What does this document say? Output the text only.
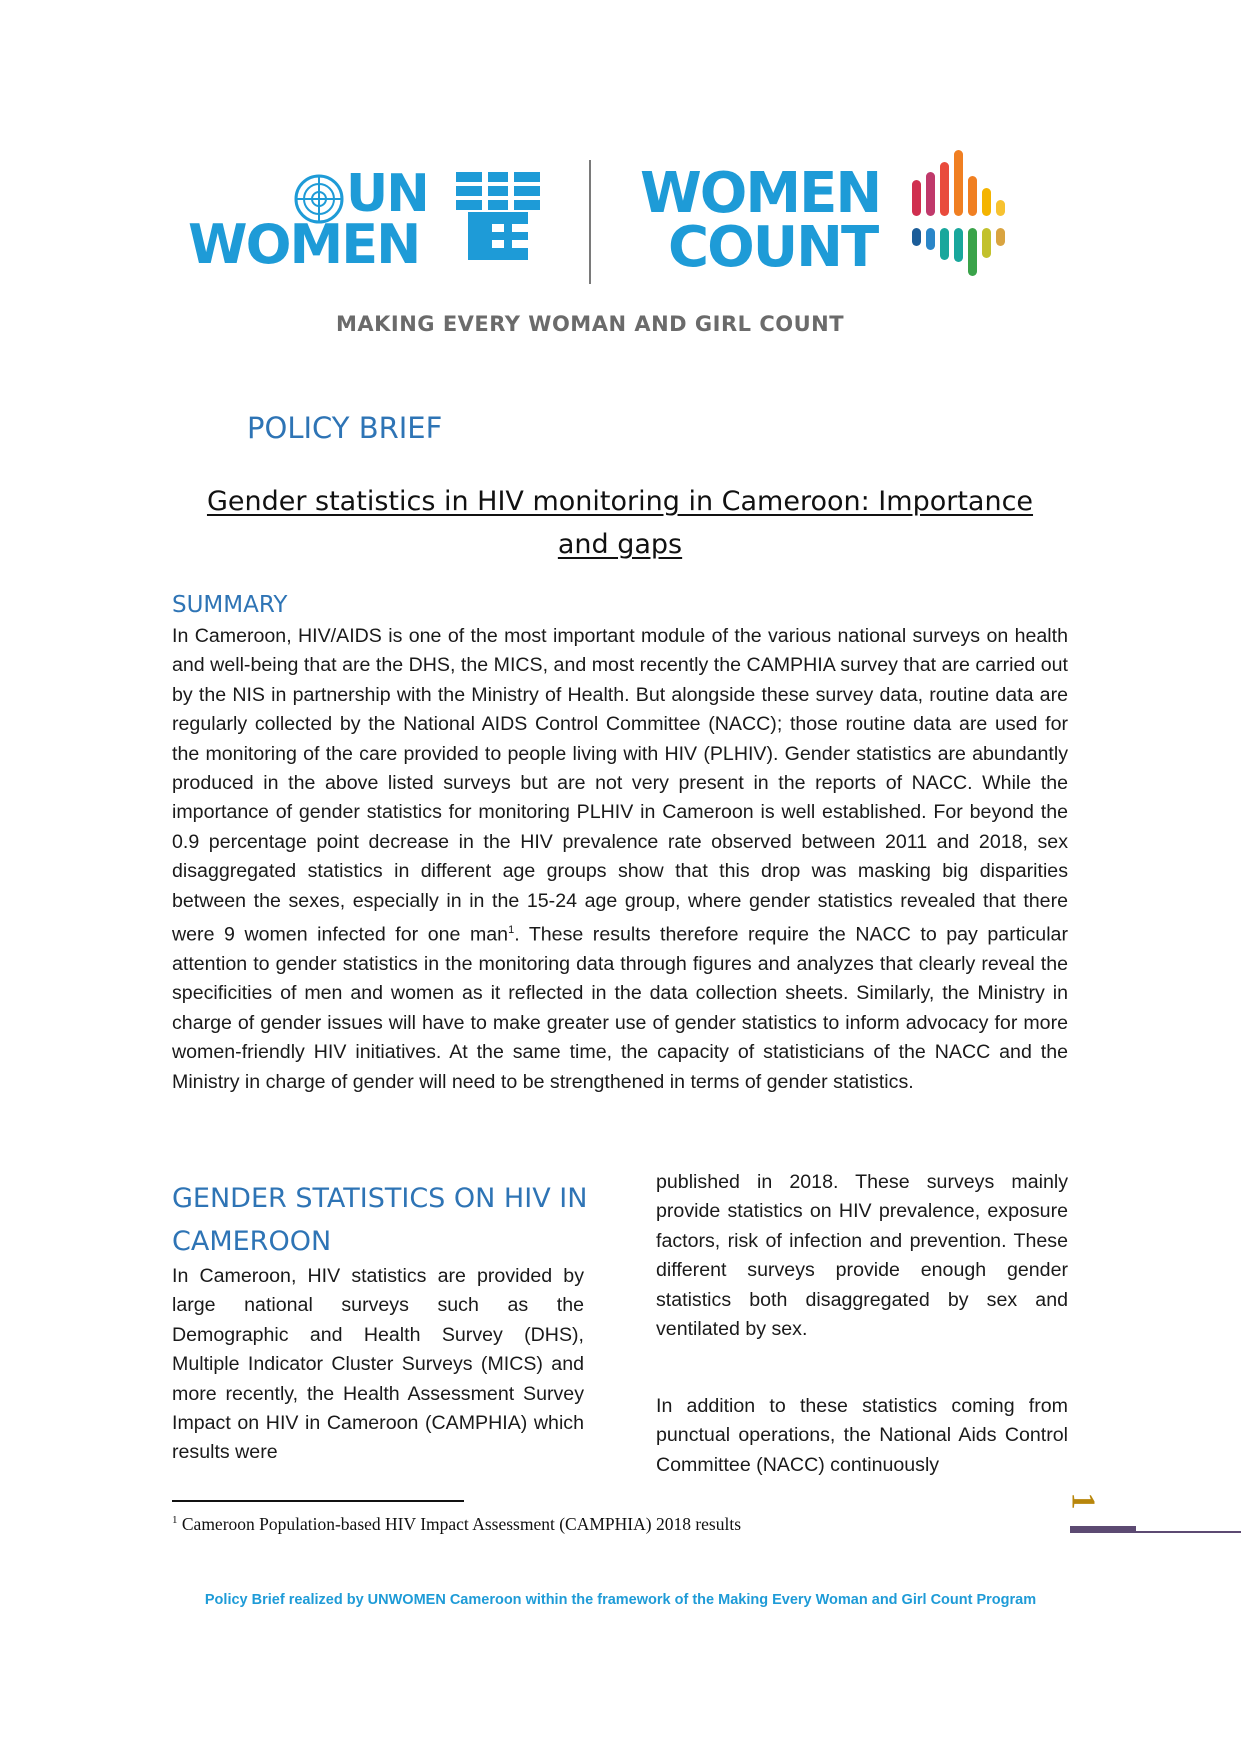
UN
WOMEN
WOMEN
COUNT
MAKING EVERY WOMAN AND GIRL COUNT
POLICY BRIEF
Gender statistics in HIV monitoring in Cameroon: Importance and gaps
SUMMARY

In Cameroon, HIV/AIDS is one of the most important module of the various national surveys on health and well-being that are the DHS, the MICS, and most recently the CAMPHIA survey that are carried out by the NIS in partnership with the Ministry of Health. But alongside these survey data, routine data are regularly collected by the National AIDS Control Committee (NACC); those routine data are used for the monitoring of the care provided to people living with HIV (PLHIV). Gender statistics are abundantly produced in the above listed surveys but are not very present in the reports of NACC. While the importance of gender statistics for monitoring PLHIV in Cameroon is well established. For beyond the 0.9 percentage point decrease in the HIV prevalence rate observed between 2011 and 2018, sex disaggregated statistics in different age groups show that this drop was masking big disparities between the sexes, especially in in the 15-24 age group, where gender statistics revealed that there were 9 women infected for one man$^1$. These results therefore require the NACC to pay particular attention to gender statistics in the monitoring data through figures and analyzes that clearly reveal the specificities of men and women as it reflected in the data collection sheets. Similarly, the Ministry in charge of gender issues will have to make greater use of gender statistics to inform advocacy for more women-friendly HIV initiatives. At the same time, the capacity of statisticians of the NACC and the Ministry in charge of gender will need to be strengthened in terms of gender statistics.

GENDER STATISTICS ON HIV IN CAMEROON

In Cameroon, HIV statistics are provided by large national surveys such as the Demographic and Health Survey (DHS), Multiple Indicator Cluster Surveys (MICS) and more recently, the Health Assessment Survey Impact on HIV in Cameroon (CAMPHIA) which results were

published in 2018. These surveys mainly provide statistics on HIV prevalence, exposure factors, risk of infection and prevention. These different surveys provide enough gender statistics both disaggregated by sex and ventilated by sex.

In addition to these statistics coming from punctual operations, the National Aids Control Committee (NACC) continuously

$^1$ Cameroon Population-based HIV Impact Assessment (CAMPHIA) 2018 results
1
Policy Brief realized by UNWOMEN Cameroon within the framework of the Making Every Woman and Girl Count Program
